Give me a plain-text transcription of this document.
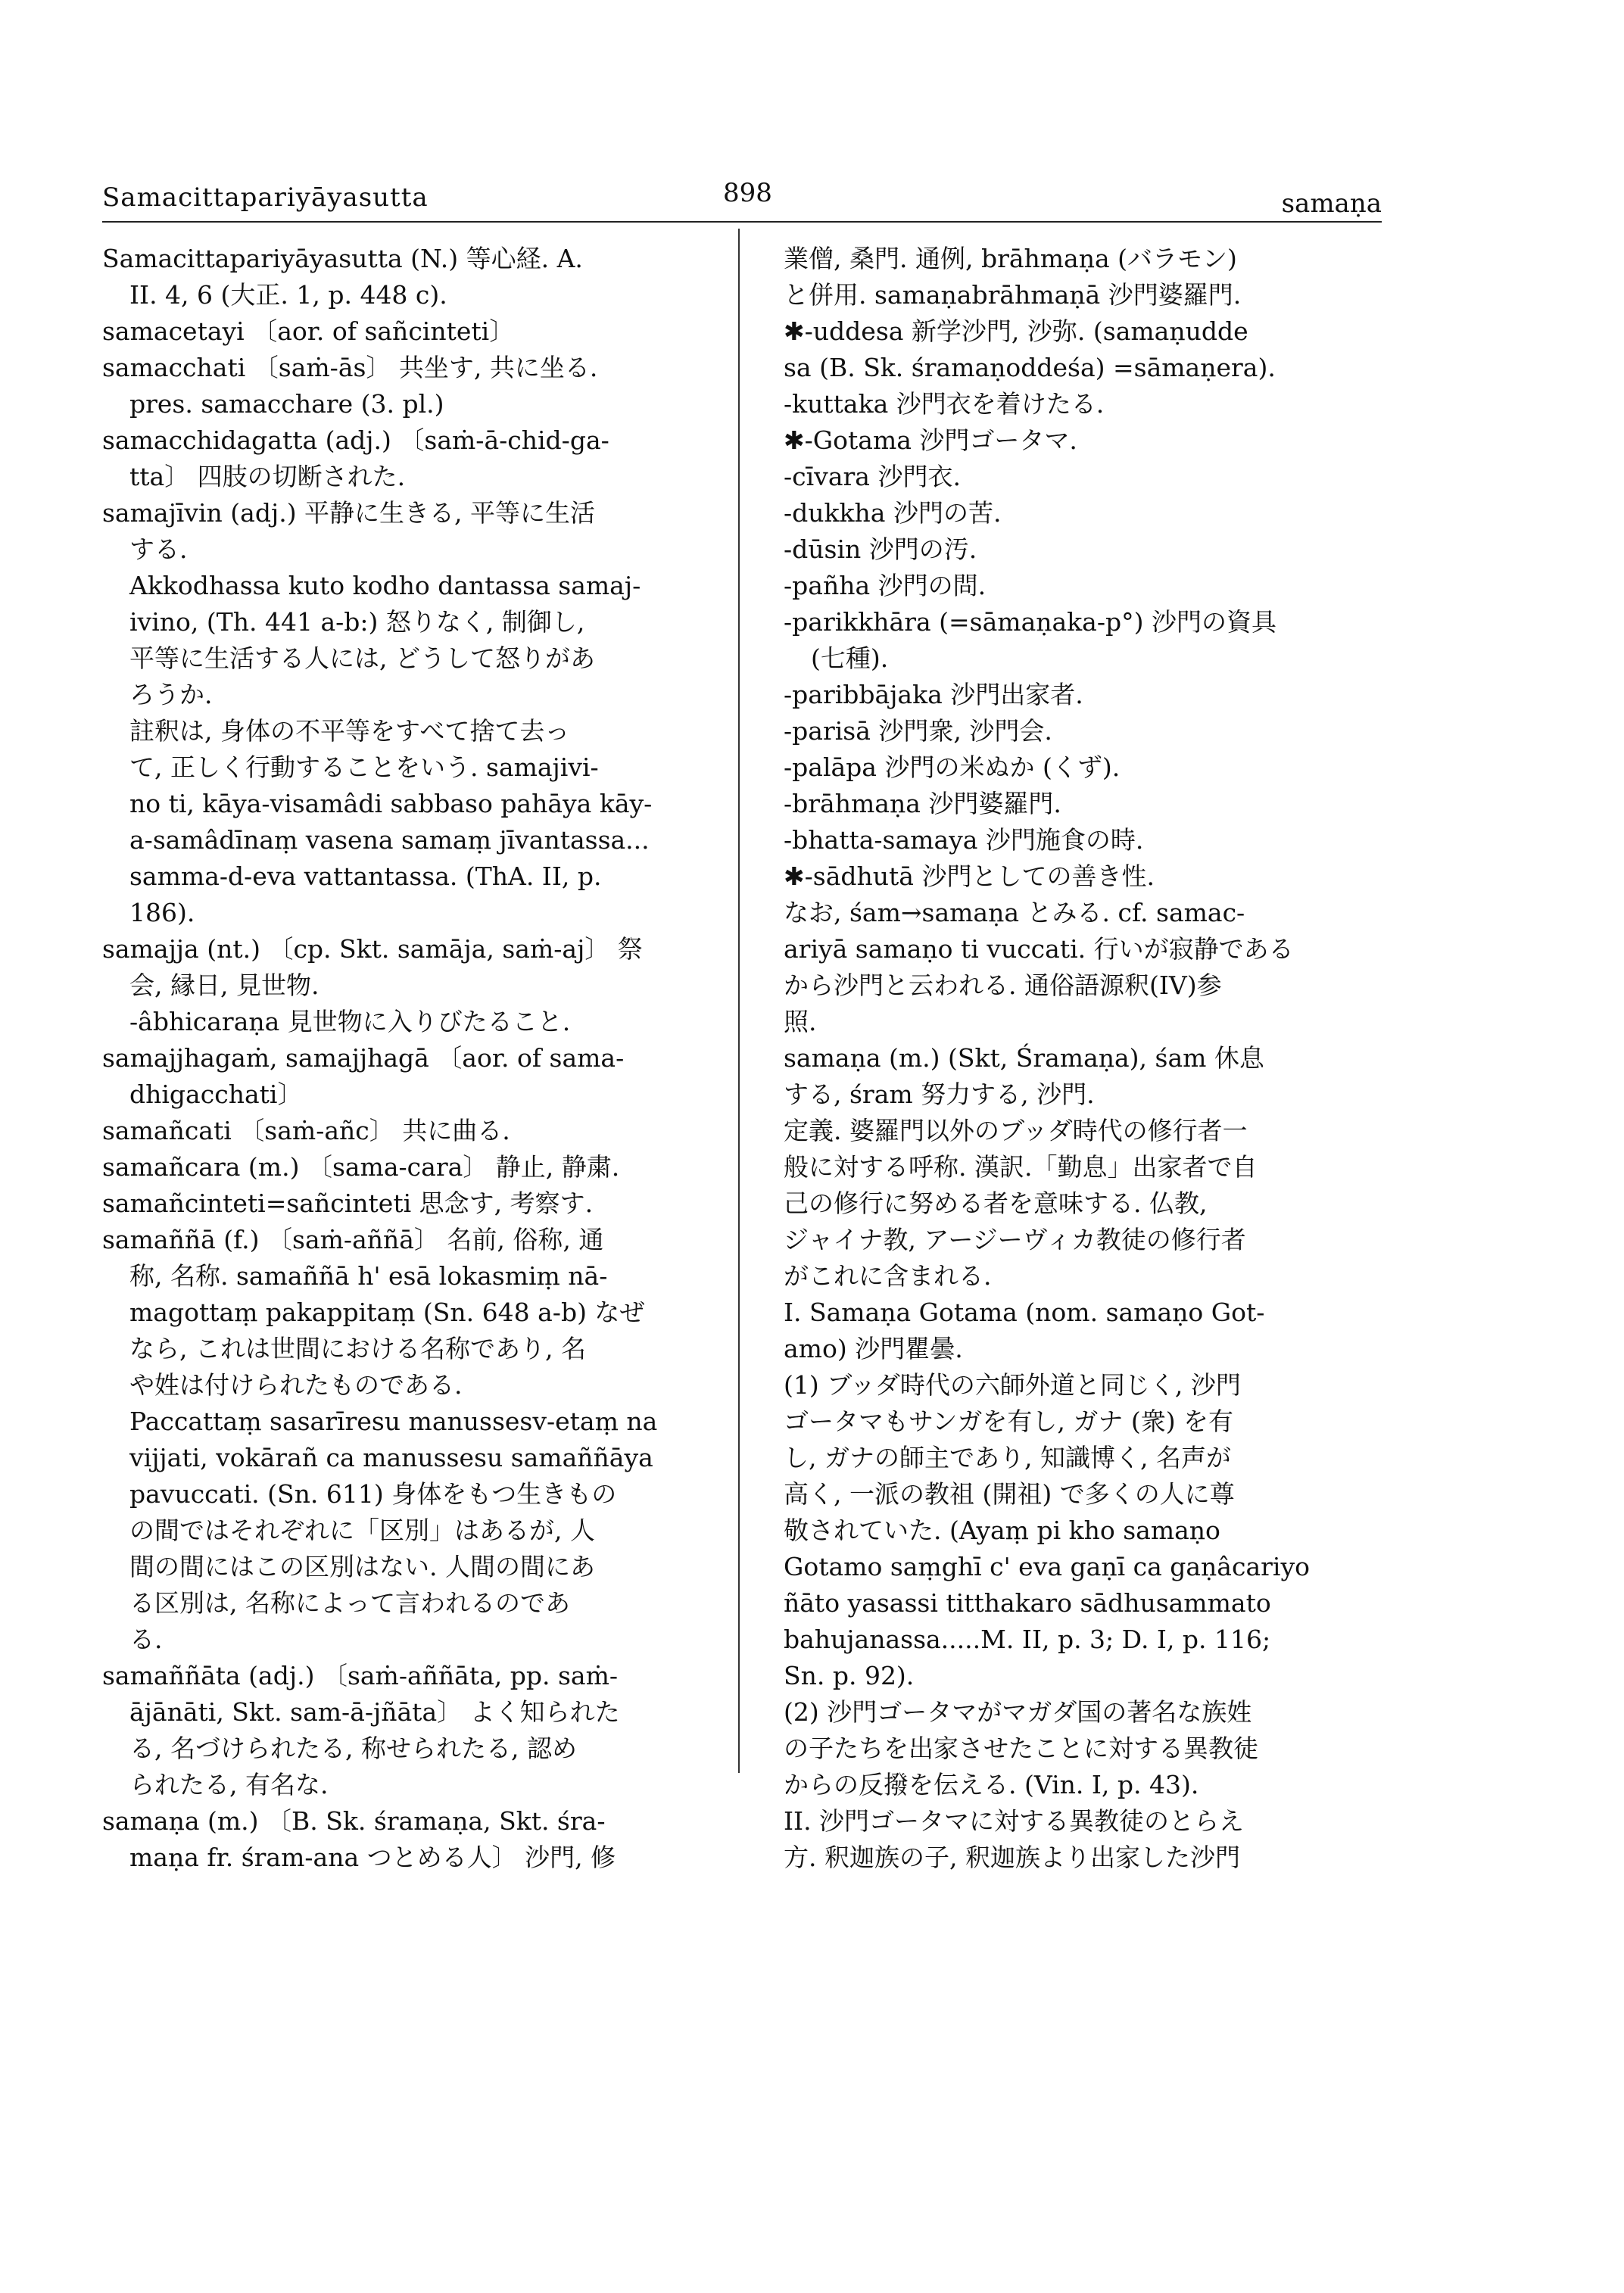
Samacittapariyāyasutta	898	samaṇa
Samacittapariyāyasutta (N.) 等心経. A.
II. 4, 6 (大正. 1, p. 448 c).
samacetayi 〔aor. of sañcinteti〕
samacchati 〔saṁ-ās〕 共坐す, 共に坐る.
pres. samacchare (3. pl.)
samacchidagatta (adj.) 〔saṁ-ā-chid-ga-
tta〕 四肢の切断された.
samajīvin (adj.) 平静に生きる, 平等に生活
する.
Akkodhassa kuto kodho dantassa samaj-
ivino, (Th. 441 a-b:) 怒りなく, 制御し,
平等に生活する人には, どうして怒りがあ
ろうか.
註釈は, 身体の不平等をすべて捨て去っ
て, 正しく行動することをいう. samajivi-
no ti, kāya-visamâdi sabbaso pahāya kāy-
a-samâdīnaṃ vasena samaṃ jīvantassa...
samma-d-eva vattantassa. (ThA. II, p.
186).
samajja (nt.) 〔cp. Skt. samāja, saṁ-aj〕 祭
会, 縁日, 見世物.
-âbhicaraṇa 見世物に入りびたること.
samajjhagaṁ, samajjhagā 〔aor. of sama-
dhigacchati〕
samañcati 〔saṁ-añc〕 共に曲る.
samañcara (m.) 〔sama-cara〕 静止, 静粛.
samañcinteti=sañcinteti 思念す, 考察す.
samaññā (f.) 〔saṁ-aññā〕 名前, 俗称, 通
称, 名称. samaññā h' esā lokasmiṃ nā-
magottaṃ pakappitaṃ (Sn. 648 a-b) なぜ
なら, これは世間における名称であり, 名
や姓は付けられたものである.
Paccattaṃ sasarīresu manussesv-etaṃ na
vijjati, vokārañ ca manussesu samaññāya
pavuccati. (Sn. 611) 身体をもつ生きもの
の間ではそれぞれに「区別」はあるが, 人
間の間にはこの区別はない. 人間の間にあ
る区別は, 名称によって言われるのであ
る.
samaññāta (adj.) 〔saṁ-aññāta, pp. saṁ-
ājānāti, Skt. sam-ā-jñāta〕 よく知られた
る, 名づけられたる, 称せられたる, 認め
られたる, 有名な.
samaṇa (m.) 〔B. Sk. śramaṇa, Skt. śra-
maṇa fr. śram-ana つとめる人〕 沙門, 修
業僧, 桑門. 通例, brāhmaṇa (バラモン)
と併用. samaṇabrāhmaṇā 沙門婆羅門.
✱-uddesa 新学沙門, 沙弥. (samaṇudde
sa (B. Sk. śramaṇoddeśa) =sāmaṇera).
-kuttaka 沙門衣を着けたる.
✱-Gotama 沙門ゴータマ.
-cīvara 沙門衣.
-dukkha 沙門の苦.
-dūsin 沙門の汚.
-pañha 沙門の問.
-parikkhāra (=sāmaṇaka-p°) 沙門の資具
(七種).
-paribbājaka 沙門出家者.
-parisā 沙門衆, 沙門会.
-palāpa 沙門の米ぬか (くず).
-brāhmaṇa 沙門婆羅門.
-bhatta-samaya 沙門施食の時.
✱-sādhutā 沙門としての善き性.
なお, śam→samaṇa とみる. cf. samac-
ariyā samaṇo ti vuccati. 行いが寂静である
から沙門と云われる. 通俗語源釈(IV)参
照.
samaṇa (m.) (Skt, Śramaṇa), śam 休息
する, śram 努力する, 沙門.
定義. 婆羅門以外のブッダ時代の修行者一
般に対する呼称. 漢訳.「勤息」出家者で自
己の修行に努める者を意味する. 仏教,
ジャイナ教, アージーヴィカ教徒の修行者
がこれに含まれる.
I. Samaṇa Gotama (nom. samaṇo Got-
amo) 沙門瞿曇.
(1) ブッダ時代の六師外道と同じく, 沙門
ゴータマもサンガを有し, ガナ (衆) を有
し, ガナの師主であり, 知識博く, 名声が
高く, 一派の教祖 (開祖) で多くの人に尊
敬されていた. (Ayaṃ pi kho samaṇo
Gotamo saṃghī c' eva gaṇī ca gaṇâcariyo
ñāto yasassi titthakaro sādhusammato
bahujanassa.....M. II, p. 3; D. I, p. 116;
Sn. p. 92).
(2) 沙門ゴータマがマガダ国の著名な族姓
の子たちを出家させたことに対する異教徒
からの反撥を伝える. (Vin. I, p. 43).
II. 沙門ゴータマに対する異教徒のとらえ
方. 釈迦族の子, 釈迦族より出家した沙門
